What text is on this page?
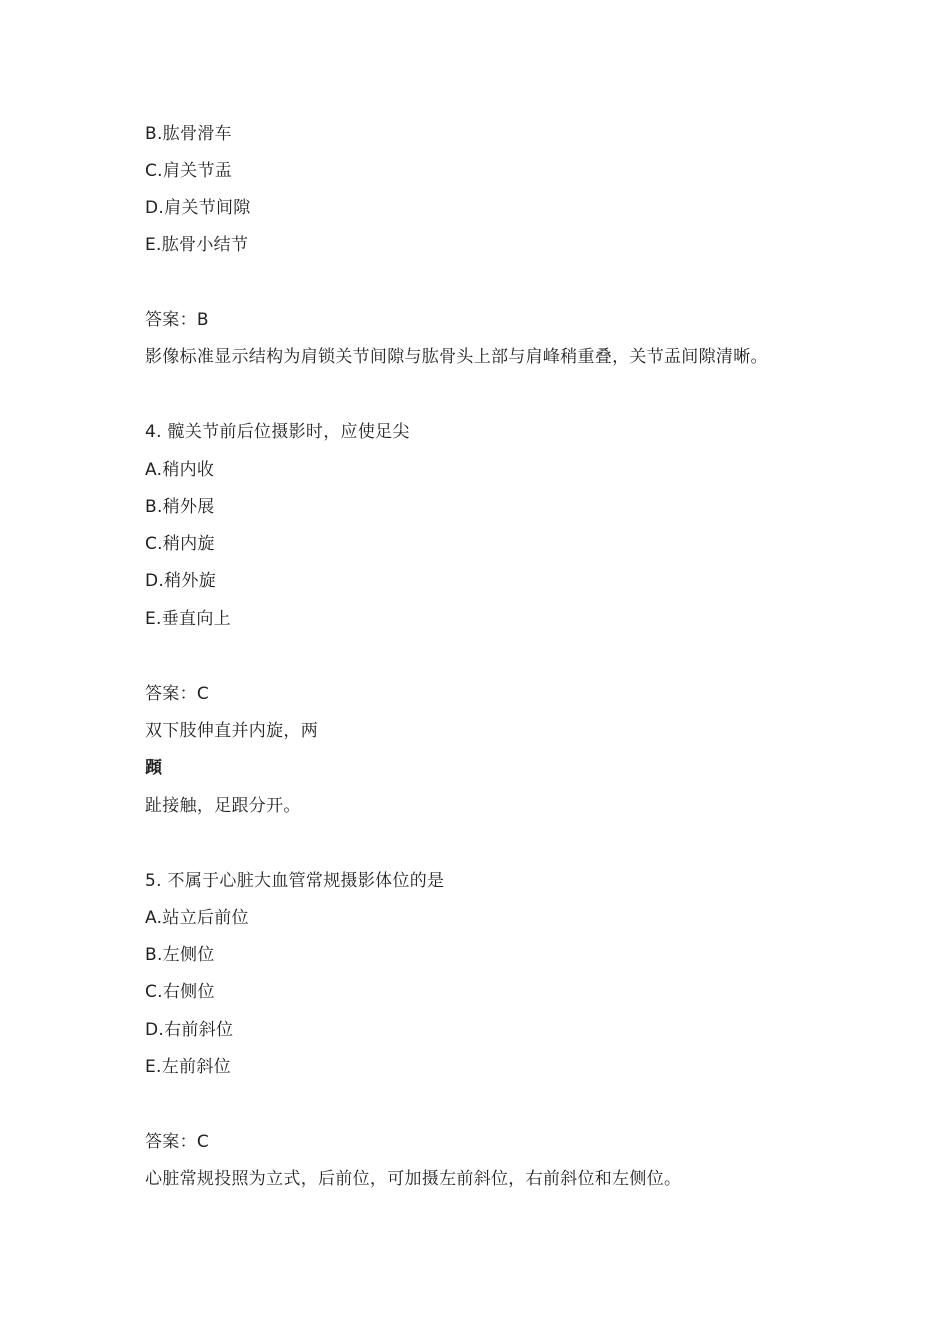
B.肱骨滑车
C.肩关节盂
D.肩关节间隙
E.肱骨小结节
答案：B
影像标准显示结构为肩锁关节间隙与肱骨头上部与肩峰稍重叠，关节盂间隙清晰。
4. 髋关节前后位摄影时，应使足尖
A.稍内收
B.稍外展
C.稍内旋
D.稍外旋
E.垂直向上
答案：C
双下肢伸直并内旋，两
蹞
趾接触，足跟分开。
5. 不属于心脏大血管常规摄影体位的是
A.站立后前位
B.左侧位
C.右侧位
D.右前斜位
E.左前斜位
答案：C
心脏常规投照为立式，后前位，可加摄左前斜位，右前斜位和左侧位。
